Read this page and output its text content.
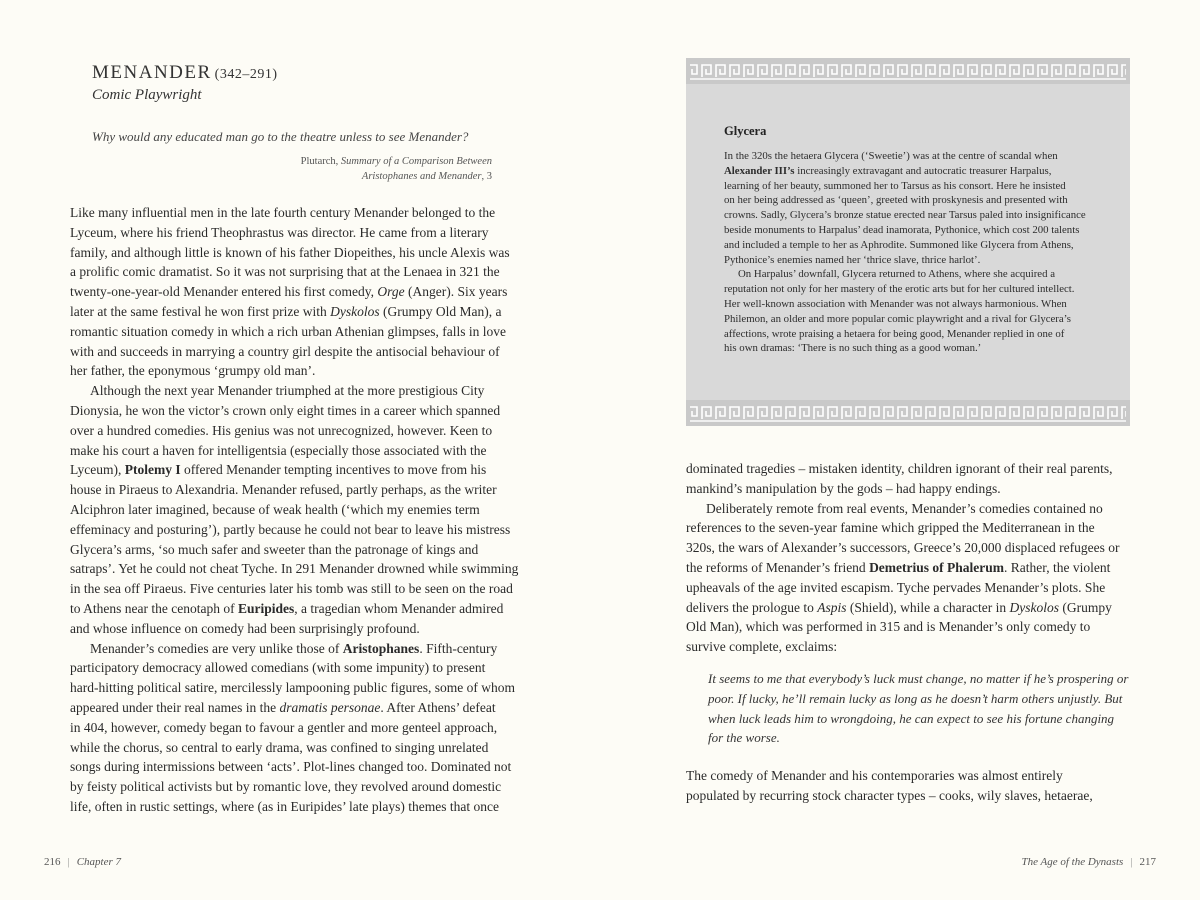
MENANDER (342–291)
Comic Playwright
Why would any educated man go to the theatre unless to see Menander?
Plutarch, Summary of a Comparison Between
Aristophanes and Menander, 3

Like many influential men in the late fourth century Menander belonged to the
Lyceum, where his friend Theophrastus was director. He came from a literary
family, and although little is known of his father Diopeithes, his uncle Alexis was
a prolific comic dramatist. So it was not surprising that at the Lenaea in 321 the
twenty-one-year-old Menander entered his first comedy, Orge (Anger). Six years
later at the same festival he won first prize with Dyskolos (Grumpy Old Man), a
romantic situation comedy in which a rich urban Athenian glimpses, falls in love
with and succeeds in marrying a country girl despite the antisocial behaviour of
her father, the eponymous ‘grumpy old man’.

Although the next year Menander triumphed at the more prestigious City
Dionysia, he won the victor’s crown only eight times in a career which spanned
over a hundred comedies. His genius was not unrecognized, however. Keen to
make his court a haven for intelligentsia (especially those associated with the
Lyceum), Ptolemy I offered Menander tempting incentives to move from his
house in Piraeus to Alexandria. Menander refused, partly perhaps, as the writer
Alciphron later imagined, because of weak health (‘which my enemies term
effeminacy and posturing’), partly because he could not bear to leave his mistress
Glycera’s arms, ‘so much safer and sweeter than the patronage of kings and
satraps’. Yet he could not cheat Tyche. In 291 Menander drowned while swimming
in the sea off Piraeus. Five centuries later his tomb was still to be seen on the road
to Athens near the cenotaph of Euripides, a tragedian whom Menander admired
and whose influence on comedy had been surprisingly profound.

Menander’s comedies are very unlike those of Aristophanes. Fifth-century
participatory democracy allowed comedians (with some impunity) to present
hard-hitting political satire, mercilessly lampooning public figures, some of whom
appeared under their real names in the dramatis personae. After Athens’ defeat
in 404, however, comedy began to favour a gentler and more genteel approach,
while the chorus, so central to early drama, was confined to singing unrelated
songs during intermissions between ‘acts’. Plot-lines changed too. Dominated not
by feisty political activists but by romantic love, they revolved around domestic
life, often in rustic settings, where (as in Euripides’ late plays) themes that once

216 | Chapter 7
Glycera
In the 320s the hetaera Glycera (‘Sweetie’) was at the centre of scandal when
Alexander III’s increasingly extravagant and autocratic treasurer Harpalus,
learning of her beauty, summoned her to Tarsus as his consort. Here he insisted
on her being addressed as ‘queen’, greeted with proskynesis and presented with
crowns. Sadly, Glycera’s bronze statue erected near Tarsus paled into insignificance
beside monuments to Harpalus’ dead inamorata, Pythonice, which cost 200 talents
and included a temple to her as Aphrodite. Summoned like Glycera from Athens,
Pythonice’s enemies named her ‘thrice slave, thrice harlot’.
On Harpalus’ downfall, Glycera returned to Athens, where she acquired a
reputation not only for her mastery of the erotic arts but for her cultured intellect.
Her well-known association with Menander was not always harmonious. When
Philemon, an older and more popular comic playwright and a rival for Glycera’s
affections, wrote praising a hetaera for being good, Menander replied in one of
his own dramas: ‘There is no such thing as a good woman.’

dominated tragedies – mistaken identity, children ignorant of their real parents,
mankind’s manipulation by the gods – had happy endings.

Deliberately remote from real events, Menander’s comedies contained no
references to the seven-year famine which gripped the Mediterranean in the
320s, the wars of Alexander’s successors, Greece’s 20,000 displaced refugees or
the reforms of Menander’s friend Demetrius of Phalerum. Rather, the violent
upheavals of the age invited escapism. Tyche pervades Menander’s plots. She
delivers the prologue to Aspis (Shield), while a character in Dyskolos (Grumpy
Old Man), which was performed in 315 and is Menander’s only comedy to
survive complete, exclaims:

It seems to me that everybody’s luck must change, no matter if he’s prospering or
poor. If lucky, he’ll remain lucky as long as he doesn’t harm others unjustly. But
when luck leads him to wrongdoing, he can expect to see his fortune changing
for the worse.

The comedy of Menander and his contemporaries was almost entirely
populated by recurring stock character types – cooks, wily slaves, hetaerae,

The Age of the Dynasts | 217
